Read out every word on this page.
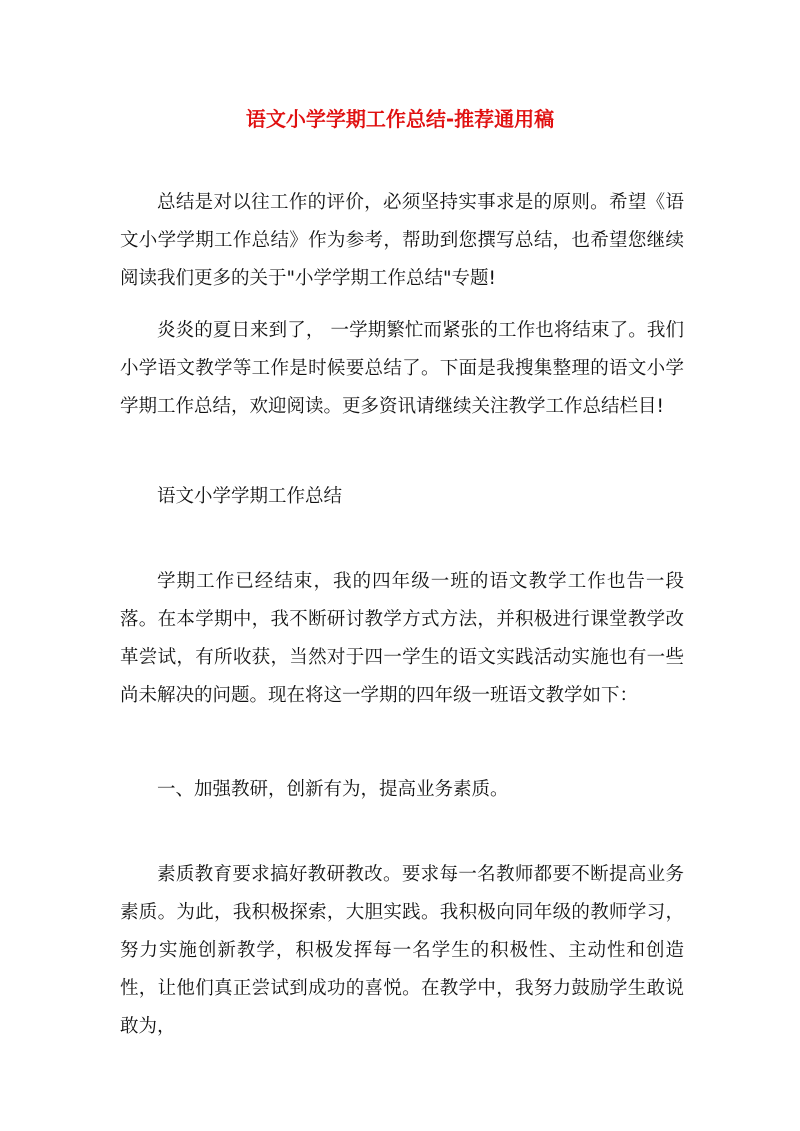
语文小学学期工作总结-推荐通用稿
总结是对以往工作的评价，必须坚持实事求是的原则。希望《语文小学学期工作总结》作为参考，帮助到您撰写总结，也希望您继续阅读我们更多的关于"小学学期工作总结"专题!
炎炎的夏日来到了， 一学期繁忙而紧张的工作也将结束了。我们小学语文教学等工作是时候要总结了。下面是我搜集整理的语文小学学期工作总结，欢迎阅读。更多资讯请继续关注教学工作总结栏目!
语文小学学期工作总结
学期工作已经结束，我的四年级一班的语文教学工作也告一段落。在本学期中，我不断研讨教学方式方法，并积极进行课堂教学改革尝试，有所收获，当然对于四一学生的语文实践活动实施也有一些尚未解决的问题。现在将这一学期的四年级一班语文教学如下：
一、加强教研，创新有为，提高业务素质。
素质教育要求搞好教研教改。要求每一名教师都要不断提高业务素质。为此，我积极探索，大胆实践。我积极向同年级的教师学习，努力实施创新教学，积极发挥每一名学生的积极性、主动性和创造性，让他们真正尝试到成功的喜悦。在教学中，我努力鼓励学生敢说敢为，
